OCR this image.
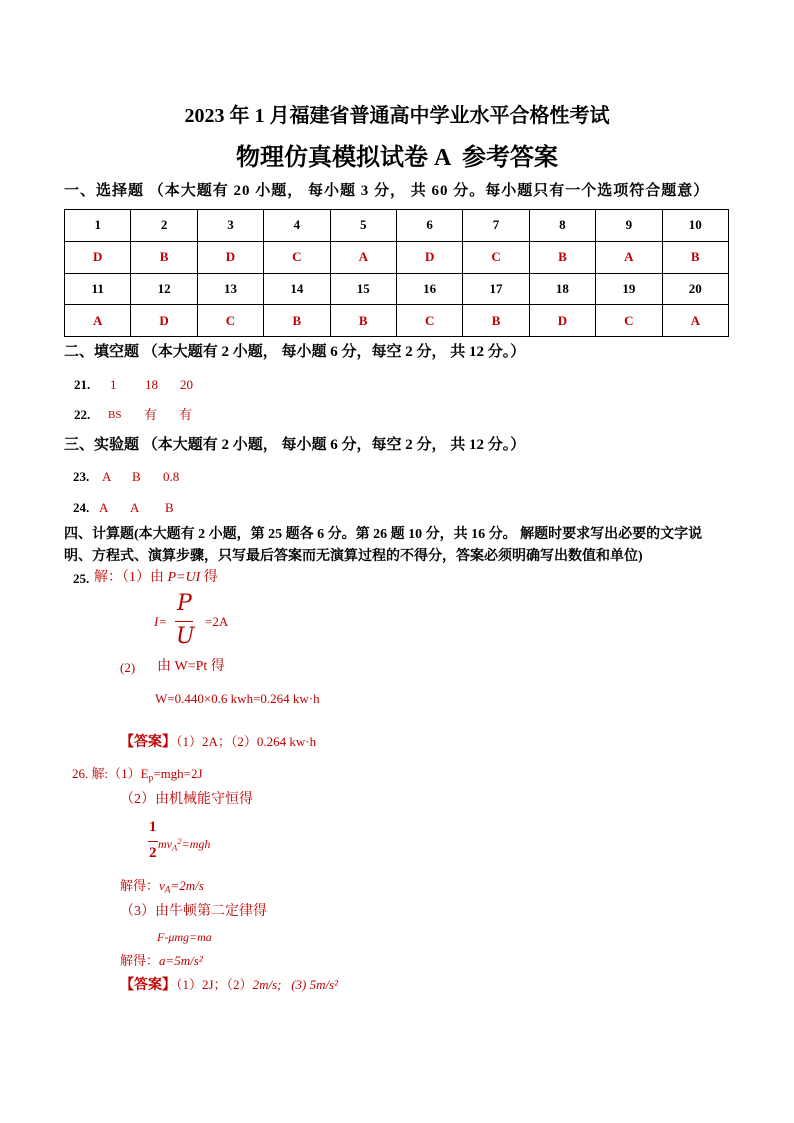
2023 年 1 月福建省普通高中学业水平合格性考试
物理仿真模拟试卷 A  参考答案
一、选择题 （本大题有 20 小题， 每小题 3 分， 共 60 分。每小题只有一个选项符合题意）
1	2	3	4	5	6	7	8	9	10
D	B	D	C	A	D	C	B	A	B
11	12	13	14	15	16	17	18	19	20
A	D	C	B	B	C	B	D	C	A
二、填空题 （本大题有 2 小题， 每小题 6 分，每空 2 分， 共 12 分。）
21. 1 18 20
22. BS 有 有
三、实验题 （本大题有 2 小题， 每小题 6 分，每空 2 分， 共 12 分。）
23. A B 0.8
24. A A B
四、计算题(本大题有 2 小题，第 25 题各 6 分。第 26 题 10 分，共 16 分。 解题时要求写出必要的文字说
明、方程式、演算步骤，只写最后答案而无演算过程的不得分，答案必须明确写出数值和单位)
25. 解：（1）由 P=UI 得
I=
P
U
=2A
(2) 由 W=Pt 得
W=0.440×0.6 kwh=0.264 kw·h
【答案】（1）2A；（2）0.264 kw·h
26. 解$:(1)E_p=mgh=2J$
（2）由机械能守恒得
1
2
$mv_A^2=mgh$
解得：$v_A=2m/s$
（3）由牛顿第二定律得
F-μmg=ma
解得：a=5m/s²
【答案】（1）2J；（2）2m/s;   (3) 5m/s²
